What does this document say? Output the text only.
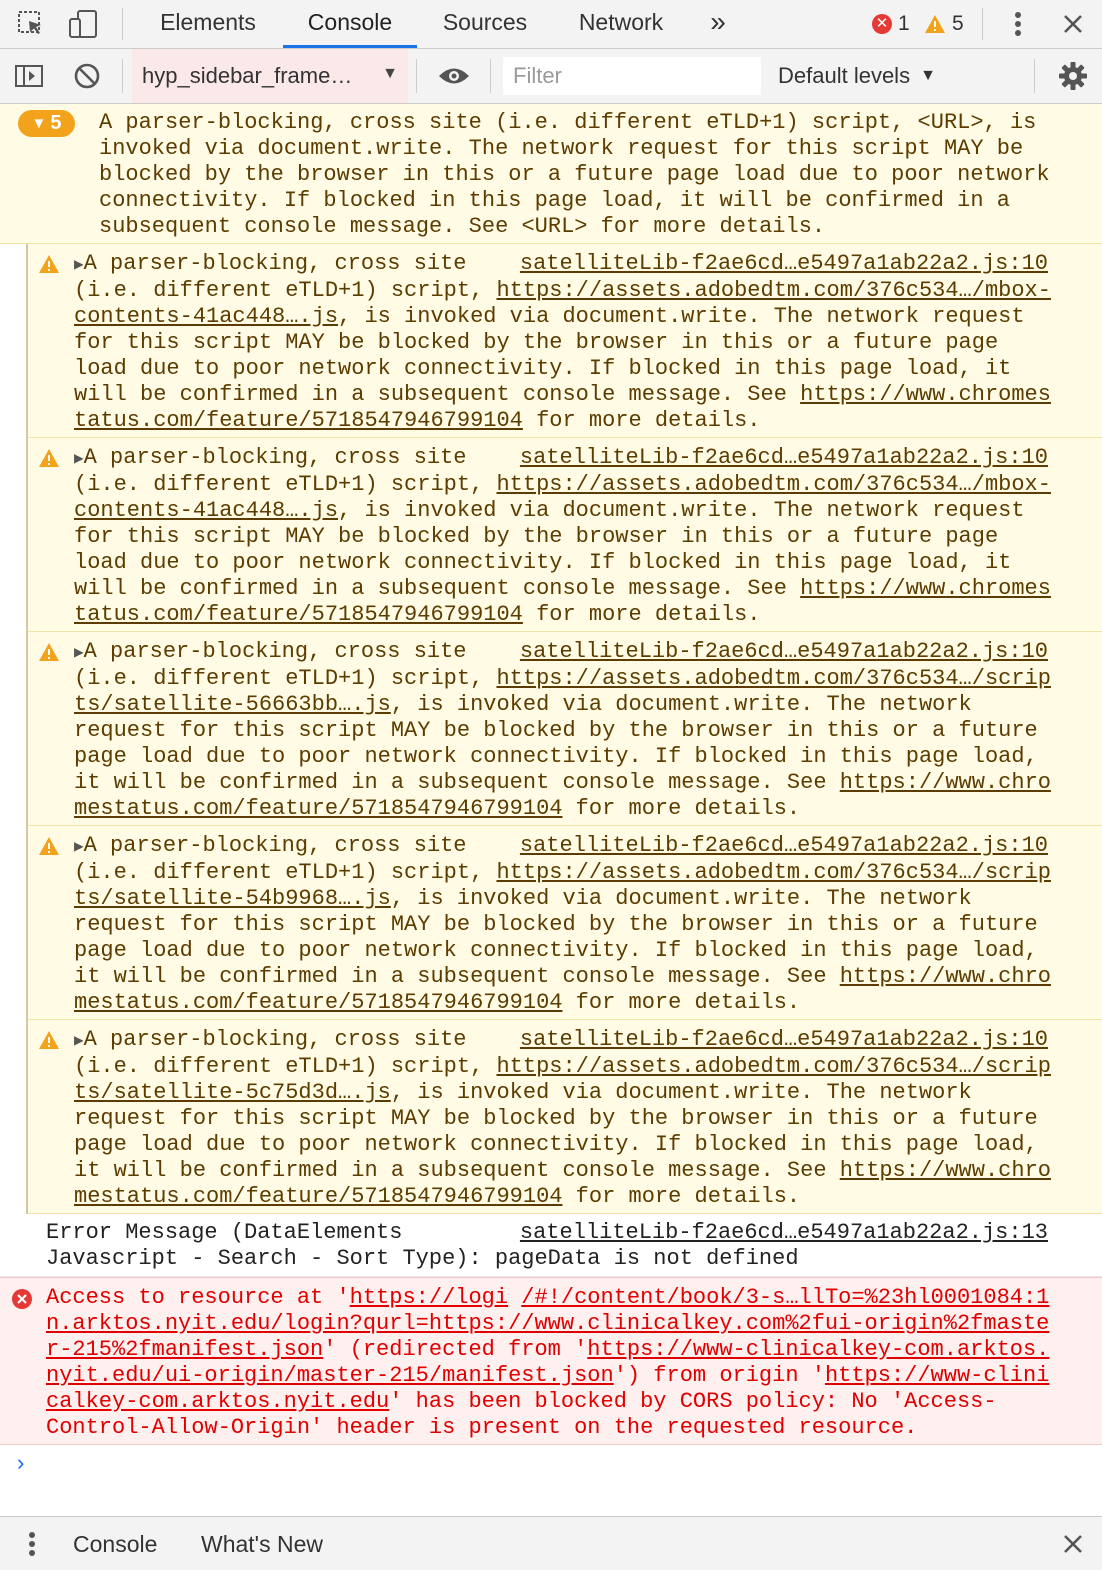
Elements	Console	Sources	Network	»	✕ 1 5
hyp_sidebar_frame… ▼
Filter	Default levels ▼
▼ 5 A parser-blocking, cross site (i.e. different eTLD+1) script, <URL>, is
invoked via document.write. The network request for this script MAY be
blocked by the browser in this or a future page load due to poor network
connectivity. If blocked in this page load, it will be confirmed in a
subsequent console message. See <URL> for more details.
satelliteLib-f2ae6cd…e5497a1ab22a2.js:10
▶A parser-blocking, cross site
(i.e. different eTLD+1) script, https://assets.adobedtm.com/376c534…/mbox-
contents-41ac448….js, is invoked via document.write. The network request
for this script MAY be blocked by the browser in this or a future page
load due to poor network connectivity. If blocked in this page load, it
will be confirmed in a subsequent console message. See https://www.chromes
tatus.com/feature/5718547946799104 for more details.
satelliteLib-f2ae6cd…e5497a1ab22a2.js:10
▶A parser-blocking, cross site
(i.e. different eTLD+1) script, https://assets.adobedtm.com/376c534…/mbox-
contents-41ac448….js, is invoked via document.write. The network request
for this script MAY be blocked by the browser in this or a future page
load due to poor network connectivity. If blocked in this page load, it
will be confirmed in a subsequent console message. See https://www.chromes
tatus.com/feature/5718547946799104 for more details.
satelliteLib-f2ae6cd…e5497a1ab22a2.js:10
▶A parser-blocking, cross site
(i.e. different eTLD+1) script, https://assets.adobedtm.com/376c534…/scrip
ts/satellite-56663bb….js, is invoked via document.write. The network
request for this script MAY be blocked by the browser in this or a future
page load due to poor network connectivity. If blocked in this page load,
it will be confirmed in a subsequent console message. See https://www.chro
mestatus.com/feature/5718547946799104 for more details.
satelliteLib-f2ae6cd…e5497a1ab22a2.js:10
▶A parser-blocking, cross site
(i.e. different eTLD+1) script, https://assets.adobedtm.com/376c534…/scrip
ts/satellite-54b9968….js, is invoked via document.write. The network
request for this script MAY be blocked by the browser in this or a future
page load due to poor network connectivity. If blocked in this page load,
it will be confirmed in a subsequent console message. See https://www.chro
mestatus.com/feature/5718547946799104 for more details.
satelliteLib-f2ae6cd…e5497a1ab22a2.js:10
▶A parser-blocking, cross site
(i.e. different eTLD+1) script, https://assets.adobedtm.com/376c534…/scrip
ts/satellite-5c75d3d….js, is invoked via document.write. The network
request for this script MAY be blocked by the browser in this or a future
page load due to poor network connectivity. If blocked in this page load,
it will be confirmed in a subsequent console message. See https://www.chro
mestatus.com/feature/5718547946799104 for more details.
satelliteLib-f2ae6cd…e5497a1ab22a2.js:13
Error Message (DataElements
Javascript - Search - Sort Type): pageData is not defined
Access to resource at 'https://logi /#!/content/book/3-s…llTo=%23hl0001084:1
n.arktos.nyit.edu/login?qurl=https://www.clinicalkey.com%2fui-origin%2fmaste
r-215%2fmanifest.json' (redirected from 'https://www-clinicalkey-com.arktos.
nyit.edu/ui-origin/master-215/manifest.json') from origin 'https://www-clini
calkey-com.arktos.nyit.edu' has been blocked by CORS policy: No 'Access-
Control-Allow-Origin' header is present on the requested resource.
›
Console What's New
